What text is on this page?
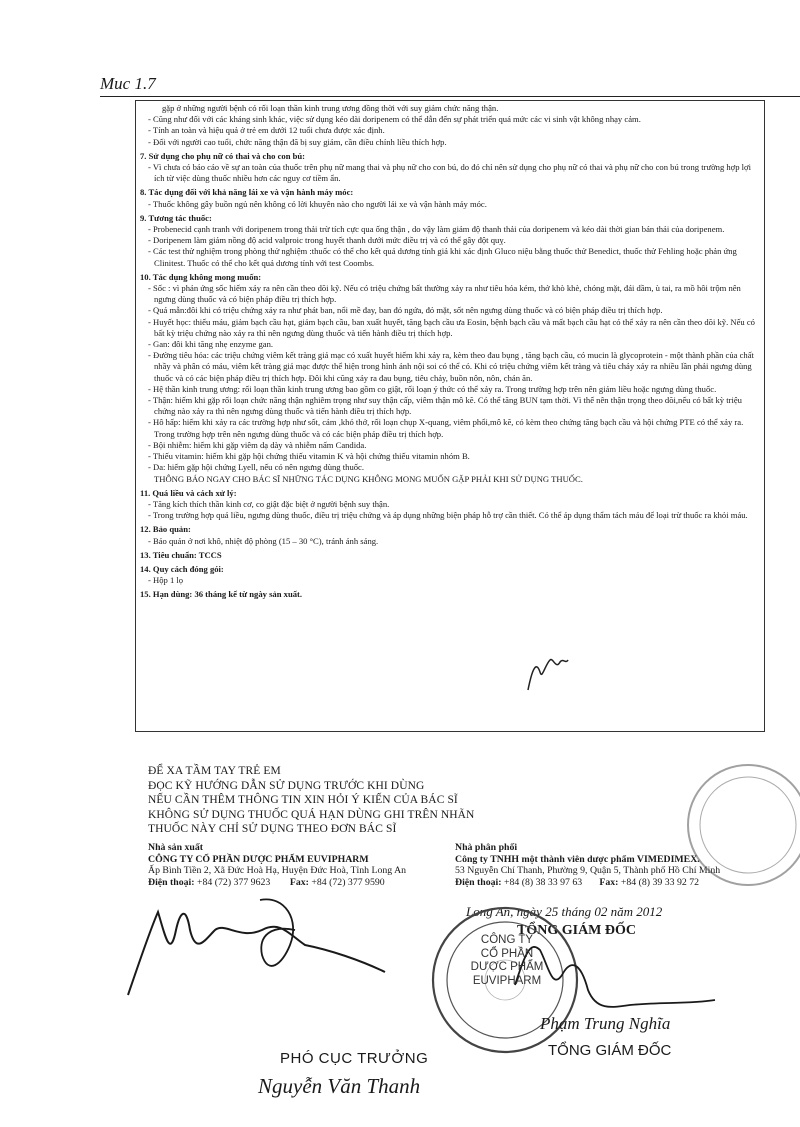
Muc 1.7
gặp ở những người bệnh có rối loạn thần kinh trung ương đồng thời với suy giảm chức năng thận.
- Cũng như đối với các kháng sinh khác, việc sử dụng kéo dài doripenem có thể dẫn đến sự phát triển quá mức các vi sinh vật không nhạy cảm.
- Tính an toàn và hiệu quả ở trẻ em dưới 12 tuổi chưa được xác định.
- Đối với người cao tuổi, chức năng thận đã bị suy giảm, cần điều chỉnh liều thích hợp.
7. Sử dụng cho phụ nữ có thai và cho con bú:
- Vì chưa có báo cáo về sự an toàn của thuốc trên phụ nữ mang thai và phụ nữ cho con bú, do đó chỉ nên sử dụng cho phụ nữ có thai và phụ nữ cho con bú trong trường hợp lợi ích từ việc dùng thuốc nhiều hơn các nguy cơ tiềm ẩn.
8. Tác dụng đối với khả năng lái xe và vận hành máy móc:
- Thuốc không gây buồn ngủ nên không có lời khuyên nào cho người lái xe và vận hành máy móc.
9. Tương tác thuốc:
- Probenecid cạnh tranh với doripenem trong thải trừ tích cực qua ống thận , do vậy làm giảm độ thanh thải của doripenem và kéo dài thời gian bán thải của doripenem.
- Doripenem làm giảm nồng độ acid valproic trong huyết thanh dưới mức điều trị và có thể gây đột quỵ.
- Các test thử nghiệm trong phòng thử nghiệm :thuốc có thể cho kết quả dương tính giả khi xác định Gluco niệu bằng thuốc thử Benedict, thuốc thử Fehling hoặc phản ứng Clinitest. Thuốc có thể cho kết quả dương tính với test Coombs.
10. Tác dụng không mong muốn:
- Sốc : vì phản ứng sốc hiếm xảy ra nên cần theo dõi kỹ. Nếu có triệu chứng bất thường xảy ra như tiêu hóa kém, thở khò khè, chóng mặt, đái dầm, ù tai, ra mồ hôi trộm nên ngưng dùng thuốc và có biện pháp điều trị thích hợp.
- Quá mẫn:đôi khi có triệu chứng xảy ra như phát ban, nổi mề đay, ban đỏ ngứa, đỏ mặt, sốt nên ngưng dùng thuốc và có biện pháp điều trị thích hợp.
- Huyết học: thiếu máu, giảm bạch cầu hạt, giảm bạch cầu, ban xuất huyết, tăng bạch cầu ưa Eosin, bệnh bạch cầu và mất bạch cầu hạt có thể xảy ra nên cần theo dõi kỹ. Nếu có bất kỳ triệu chứng nào xảy ra thì nên ngưng dùng thuốc và tiến hành điều trị thích hợp.
- Gan: đôi khi tăng nhẹ enzyme gan.
- Đường tiêu hóa: các triệu chứng viêm kết tràng giả mạc có xuất huyết hiếm khi xảy ra, kèm theo đau bụng , tăng bạch cầu, có mucin là glycoprotein - một thành phần của chất nhầy và phân có máu, viêm kết tràng giả mạc được thể hiện trong hình ảnh nội soi có thể có. Khi có triệu chứng viêm kết tràng và tiêu chảy xảy ra nhiều lần phải ngưng dùng thuốc và có các biện pháp điều trị thích hợp. Đôi khi cũng xảy ra đau bụng, tiêu chảy, buồn nôn, nôn, chán ăn.
- Hệ thần kinh trung ương: rối loạn thần kinh trung ương bao gồm co giật, rối loạn ý thức có thể xảy ra. Trong trường hợp trên nên giảm liều hoặc ngưng dùng thuốc.
- Thận: hiếm khi gặp rối loạn chức năng thận nghiêm trọng như suy thận cấp, viêm thận mô kẽ. Có thể tăng BUN tạm thời. Vì thế nên thận trọng theo dõi,nếu có bất kỳ triệu chứng nào xảy ra thì nên ngưng dùng thuốc và tiến hành điều trị thích hợp.
- Hô hấp: hiếm khi xảy ra các trường hợp như sốt, cảm ,khó thở, rối loạn chụp X-quang, viêm phổi,mô kẽ, có kèm theo chứng tăng bạch cầu và hội chứng PTE có thể xảy ra. Trong trường hợp trên nên ngưng dùng thuốc và có các biện pháp điều trị thích hợp.
- Bội nhiễm: hiếm khi gặp viêm dạ dày và nhiễm nấm Candida.
- Thiếu vitamin: hiếm khi gặp hội chứng thiếu vitamin K và hội chứng thiếu vitamin nhóm B.
- Da: hiếm gặp hội chứng Lyell, nếu có nên ngưng dùng thuốc.
THÔNG BÁO NGAY CHO BÁC SĨ NHỮNG TÁC DỤNG KHÔNG MONG MUỐN GẶP PHẢI KHI SỬ DỤNG THUỐC.
11. Quá liều và cách xử lý:
- Tăng kích thích thần kinh cơ, co giật đặc biệt ở người bệnh suy thận.
- Trong trường hợp quá liều, ngưng dùng thuốc, điều trị triệu chứng và áp dụng những biện pháp hỗ trợ cần thiết. Có thể áp dụng thẩm tách máu để loại trừ thuốc ra khỏi máu.
12. Bảo quản:
- Bảo quản ở nơi khô, nhiệt độ phòng (15 – 30 °C), tránh ánh sáng.
13. Tiêu chuẩn: TCCS
14. Quy cách đóng gói:
- Hộp 1 lọ
15. Hạn dùng: 36 tháng kể từ ngày sản xuất.
ĐỂ XA TẦM TAY TRẺ EM
ĐỌC KỸ HƯỚNG DẪN SỬ DỤNG TRƯỚC KHI DÙNG
NẾU CẦN THÊM THÔNG TIN XIN HỎI Ý KIẾN CỦA BÁC SĨ
KHÔNG SỬ DỤNG THUỐC QUÁ HẠN DÙNG GHI TRÊN NHÃN
THUỐC NÀY CHỈ SỬ DỤNG THEO ĐƠN BÁC SĨ
Nhà sản xuất
CÔNG TY CỔ PHẦN DƯỢC PHẨM EUVIPHARM
Ấp Bình Tiền 2, Xã Đức Hoà Hạ, Huyện Đức Hoà, Tỉnh Long An
Điện thoại: +84 (72) 377 9623 Fax: +84 (72) 377 9590
Nhà phân phối
Công ty TNHH một thành viên dược phẩm VIMEDIMEX.
53 Nguyễn Chí Thanh, Phường 9, Quận 5, Thành phố Hồ Chí Minh
Điện thoại: +84 (8) 38 33 97 63 Fax: +84 (8) 39 33 92 72
Long An, ngày 25 tháng 02 năm 2012
TỔNG GIÁM ĐỐC
CÔNG TY
CỔ PHẦN
DƯỢC PHẨM
EUVIPHARM
PHÓ CỤC TRƯỞNG
Nguyễn Văn Thanh
Phạm Trung Nghĩa
TỔNG GIÁM ĐỐC
